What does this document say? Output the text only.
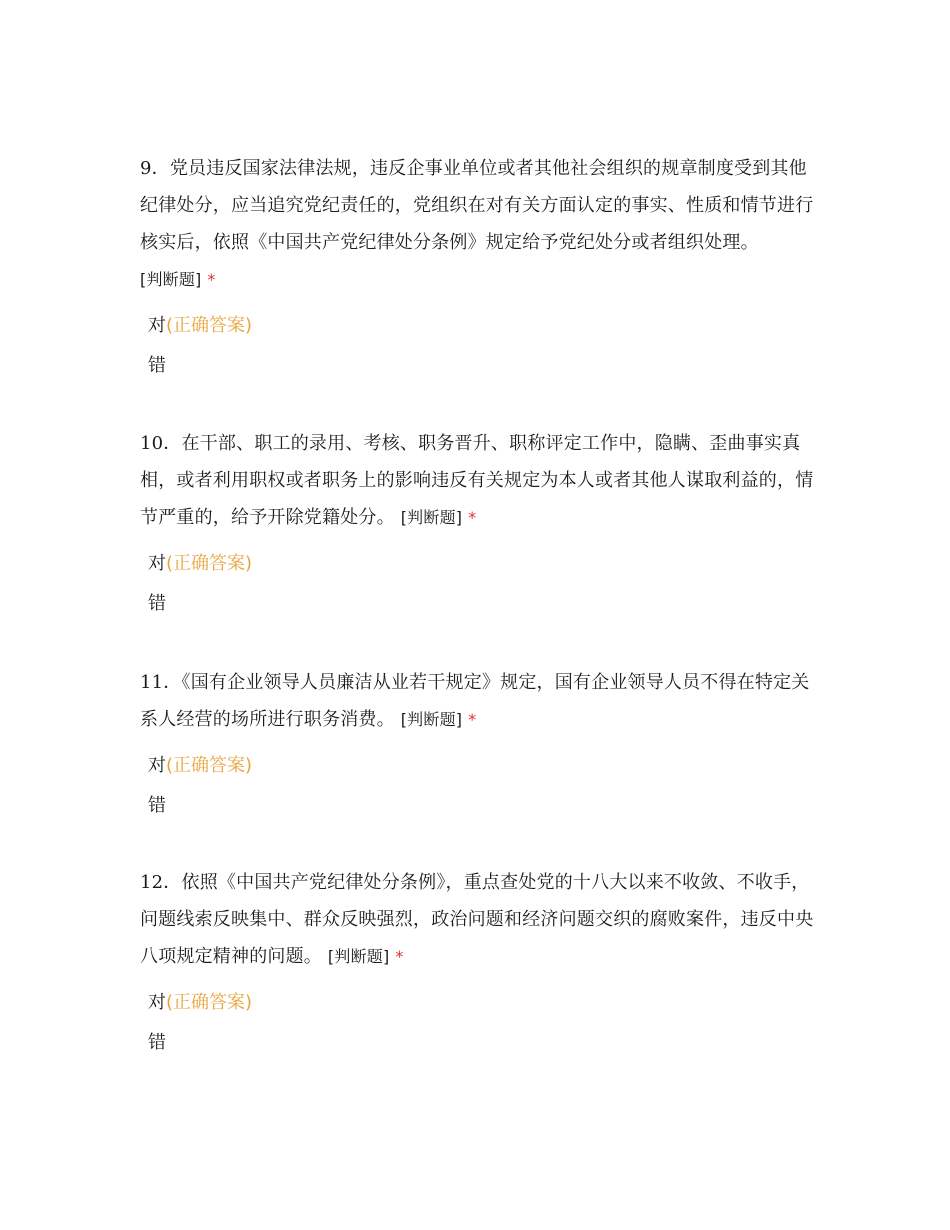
9．党员违反国家法律法规，违反企事业单位或者其他社会组织的规章制度受到其他纪律处分，应当追究党纪责任的，党组织在对有关方面认定的事实、性质和情节进行核实后，依照《中国共产党纪律处分条例》规定给予党纪处分或者组织处理。
[判断题] *

对(正确答案)
错

10．在干部、职工的录用、考核、职务晋升、职称评定工作中，隐瞒、歪曲事实真相，或者利用职权或者职务上的影响违反有关规定为本人或者其他人谋取利益的，情节严重的，给予开除党籍处分。 [判断题] *

对(正确答案)
错

11．《国有企业领导人员廉洁从业若干规定》规定，国有企业领导人员不得在特定关系人经营的场所进行职务消费。 [判断题] *

对(正确答案)
错

12．依照《中国共产党纪律处分条例》，重点查处党的十八大以来不收敛、不收手，问题线索反映集中、群众反映强烈，政治问题和经济问题交织的腐败案件，违反中央八项规定精神的问题。 [判断题] *

对(正确答案)
错
